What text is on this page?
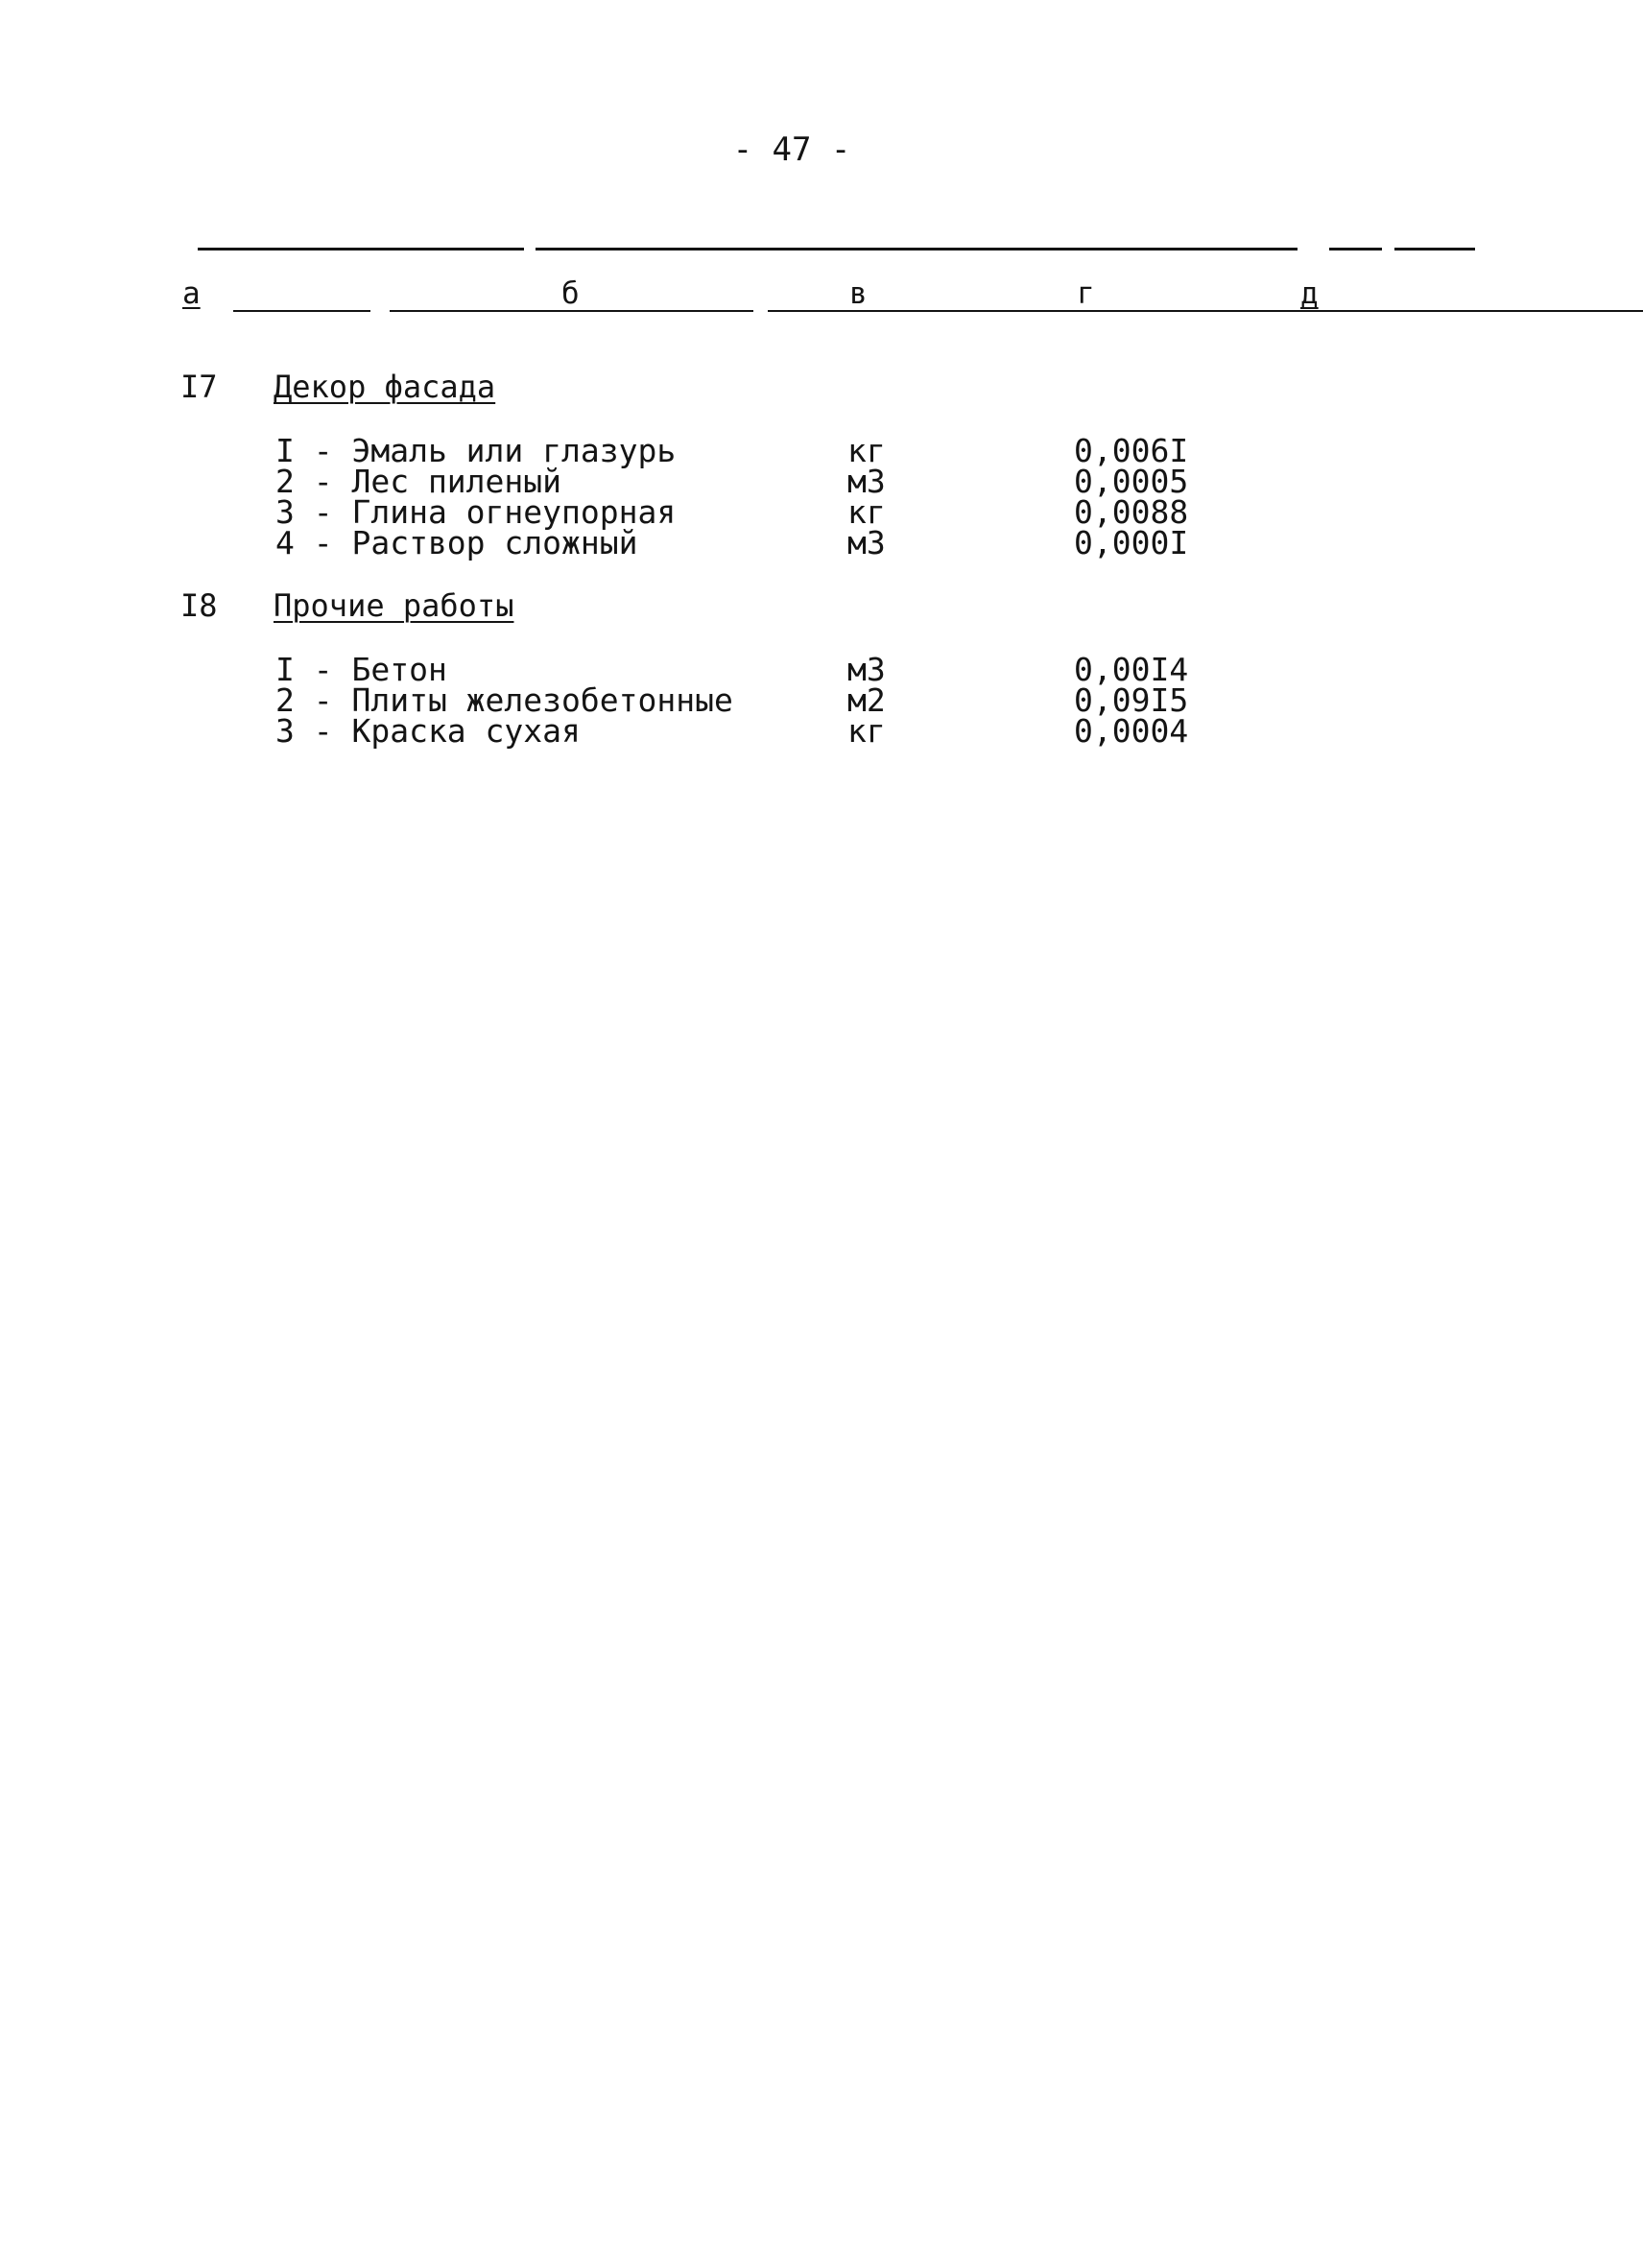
- 47 -
а	б	в	г	д
I7 Декор фасада
I - Эмаль или глазурь	кг	0,006I
2 - Лес пиленый	м3	0,0005
3 - Глина огнеупорная	кг	0,0088
4 - Раствор сложный	м3	0,000I
I8 Прочие работы
I - Бетон	м3	0,00I4
2 - Плиты железобетонные	м2	0,09I5
3 - Краска сухая	кг	0,0004
